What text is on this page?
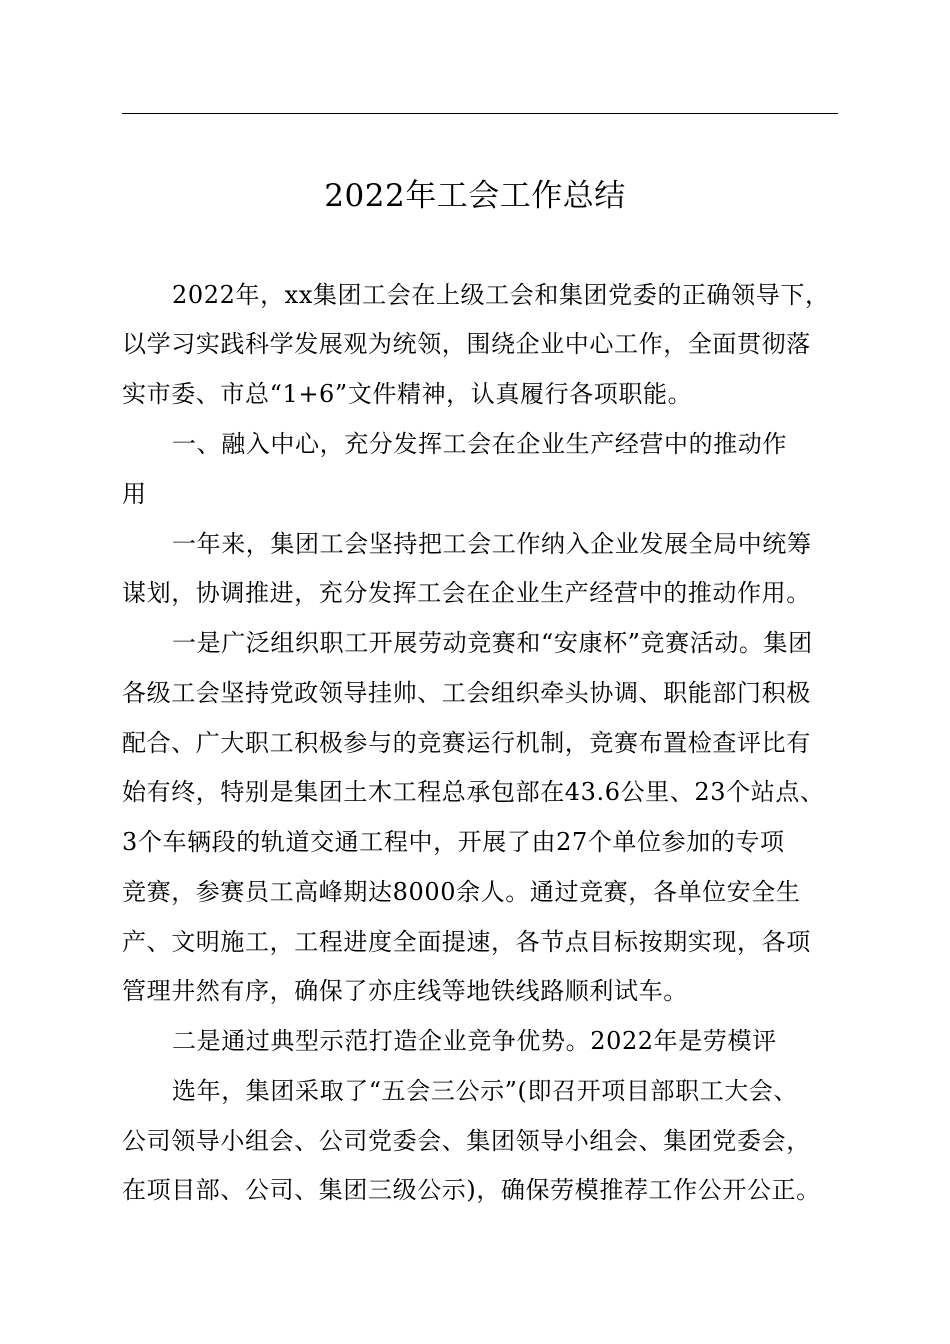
2022年工会工作总结
2022年，xx集团工会在上级工会和集团党委的正确领导下，
以学习实践科学发展观为统领，围绕企业中心工作，全面贯彻落
实市委、市总“1+6”文件精神，认真履行各项职能。
一、融入中心，充分发挥工会在企业生产经营中的推动作
用
一年来，集团工会坚持把工会工作纳入企业发展全局中统筹
谋划，协调推进，充分发挥工会在企业生产经营中的推动作用。
一是广泛组织职工开展劳动竞赛和“安康杯”竞赛活动。集团
各级工会坚持党政领导挂帅、工会组织牵头协调、职能部门积极
配合、广大职工积极参与的竞赛运行机制，竞赛布置检查评比有
始有终，特别是集团土木工程总承包部在43.6公里、23个站点、
3个车辆段的轨道交通工程中，开展了由27个单位参加的专项
竞赛，参赛员工高峰期达8000余人。通过竞赛，各单位安全生
产、文明施工，工程进度全面提速，各节点目标按期实现，各项
管理井然有序，确保了亦庄线等地铁线路顺利试车。
二是通过典型示范打造企业竞争优势。2022年是劳模评
选年，集团采取了“五会三公示”(即召开项目部职工大会、
公司领导小组会、公司党委会、集团领导小组会、集团党委会，
在项目部、公司、集团三级公示)，确保劳模推荐工作公开公正。
